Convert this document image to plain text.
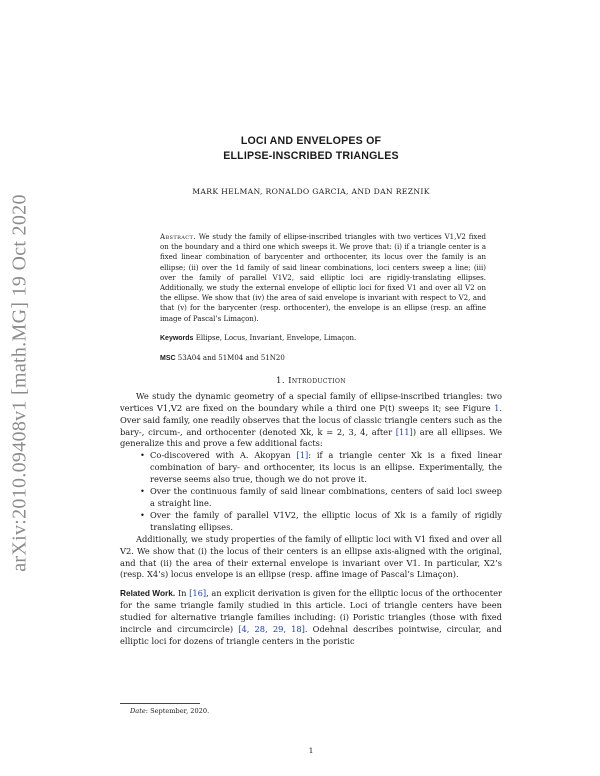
arXiv:2010.09408v1 [math.MG] 19 Oct 2020

LOCI AND ENVELOPES OF
ELLIPSE-INSCRIBED TRIANGLES

MARK HELMAN, RONALDO GARCIA, AND DAN REZNIK
Abstract. We study the family of ellipse-inscribed triangles with two vertices V1,V2 fixed on the boundary and a third one which sweeps it. We prove that: (i) if a triangle center is a fixed linear combination of barycenter and orthocenter, its locus over the family is an ellipse; (ii) over the 1d family of said linear combinations, loci centers sweep a line; (iii) over the family of parallel V1V2, said elliptic loci are rigidly-translating ellipses. Additionally, we study the external envelope of elliptic loci for fixed V1 and over all V2 on the ellipse. We show that (iv) the area of said envelope is invariant with respect to V2, and that (v) for the barycenter (resp. orthocenter), the envelope is an ellipse (resp. an affine image of Pascal’s Limaçon).
Keywords Ellipse, Locus, Invariant, Envelope, Limaçon.
MSC 53A04 and 51M04 and 51N20
1. Introduction

We study the dynamic geometry of a special family of ellipse-inscribed triangles: two vertices V1,V2 are fixed on the boundary while a third one P(t) sweeps it; see Figure 1. Over said family, one readily observes that the locus of classic triangle centers such as the bary-, circum-, and orthocenter (denoted Xk, k = 2, 3, 4, after [11]) are all ellipses. We generalize this and prove a few additional facts:

• Co-discovered with A. Akopyan [1]: if a triangle center Xk is a fixed linear combination of bary- and orthocenter, its locus is an ellipse. Experimentally, the reverse seems also true, though we do not prove it.
• Over the continuous family of said linear combinations, centers of said loci sweep a straight line.
• Over the family of parallel V1V2, the elliptic locus of Xk is a family of rigidly translating ellipses.

Additionally, we study properties of the family of elliptic loci with V1 fixed and over all V2. We show that (i) the locus of their centers is an ellipse axis-aligned with the original, and that (ii) the area of their external envelope is invariant over V1. In particular, X2’s (resp. X4’s) locus envelope is an ellipse (resp. affine image of Pascal’s Limaçon).

Related Work. In [16], an explicit derivation is given for the elliptic locus of the orthocenter for the same triangle family studied in this article. Loci of triangle centers have been studied for alternative triangle families including: (i) Poristic triangles (those with fixed incircle and circumcircle) [4, 28, 29, 18]. Odehnal describes pointwise, circular, and elliptic loci for dozens of triangle centers in the poristic

Date: September, 2020.
1
